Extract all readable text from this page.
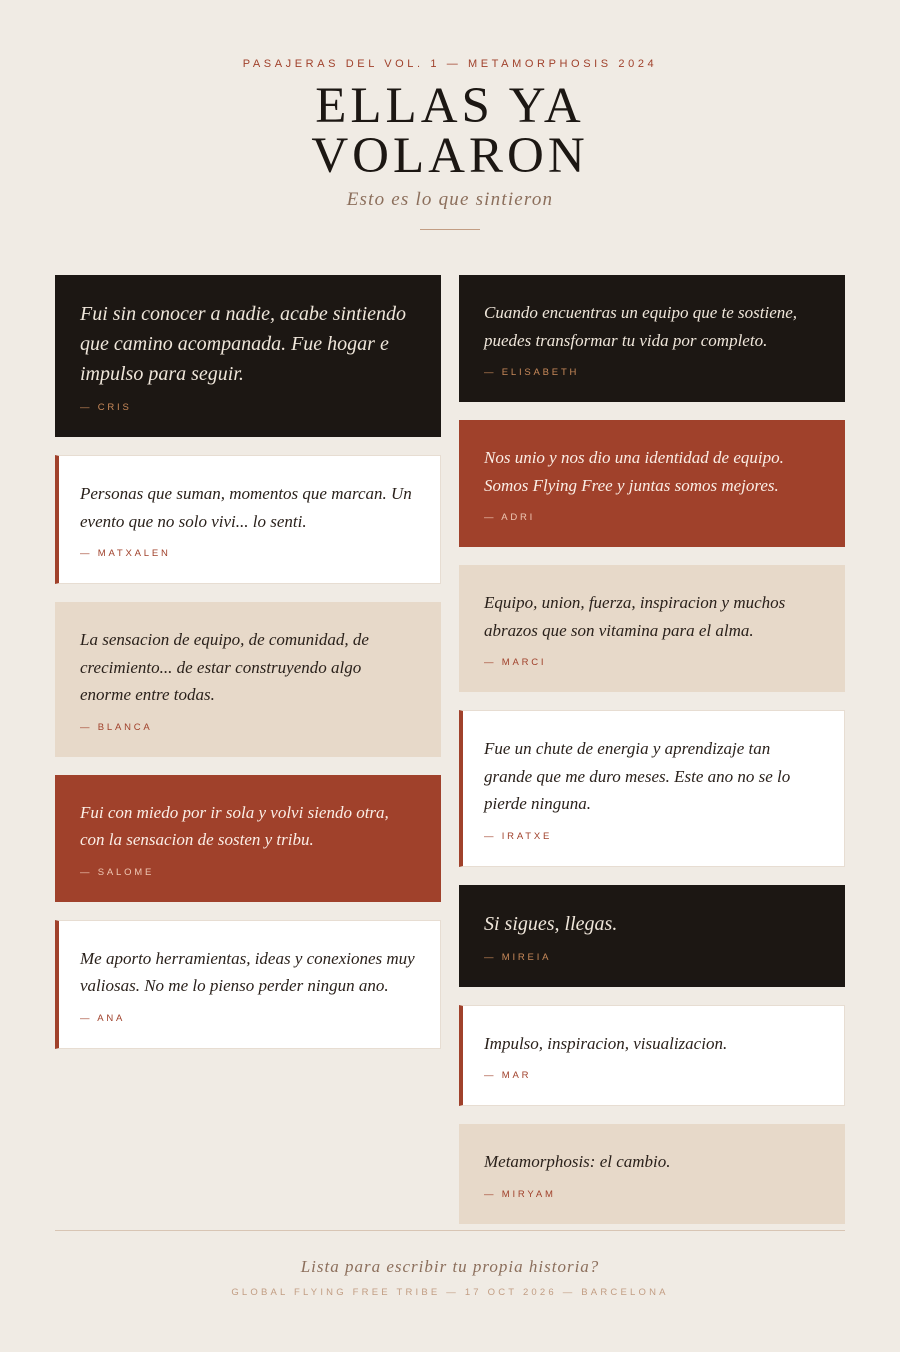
PASAJERAS DEL VOL. 1 — METAMORPHOSIS 2024
ELLAS YA
VOLARON
Esto es lo que sintieron
Fui sin conocer a nadie, acabe sintiendo que camino acompanada. Fue hogar e impulso para seguir.
— CRIS
Personas que suman, momentos que marcan. Un evento que no solo vivi... lo senti.
— MATXALEN
La sensacion de equipo, de comunidad, de crecimiento... de estar construyendo algo enorme entre todas.
— BLANCA
Fui con miedo por ir sola y volvi siendo otra, con la sensacion de sosten y tribu.
— SALOME
Me aporto herramientas, ideas y conexiones muy valiosas. No me lo pienso perder ningun ano.
— ANA
Cuando encuentras un equipo que te sostiene, puedes transformar tu vida por completo.
— ELISABETH
Nos unio y nos dio una identidad de equipo. Somos Flying Free y juntas somos mejores.
— ADRI
Equipo, union, fuerza, inspiracion y muchos abrazos que son vitamina para el alma.
— MARCI
Fue un chute de energia y aprendizaje tan grande que me duro meses. Este ano no se lo pierde ninguna.
— IRATXE
Si sigues, llegas.
— MIREIA
Impulso, inspiracion, visualizacion.
— MAR
Metamorphosis: el cambio.
— MIRYAM
Lista para escribir tu propia historia?
GLOBAL FLYING FREE TRIBE — 17 OCT 2026 — BARCELONA
